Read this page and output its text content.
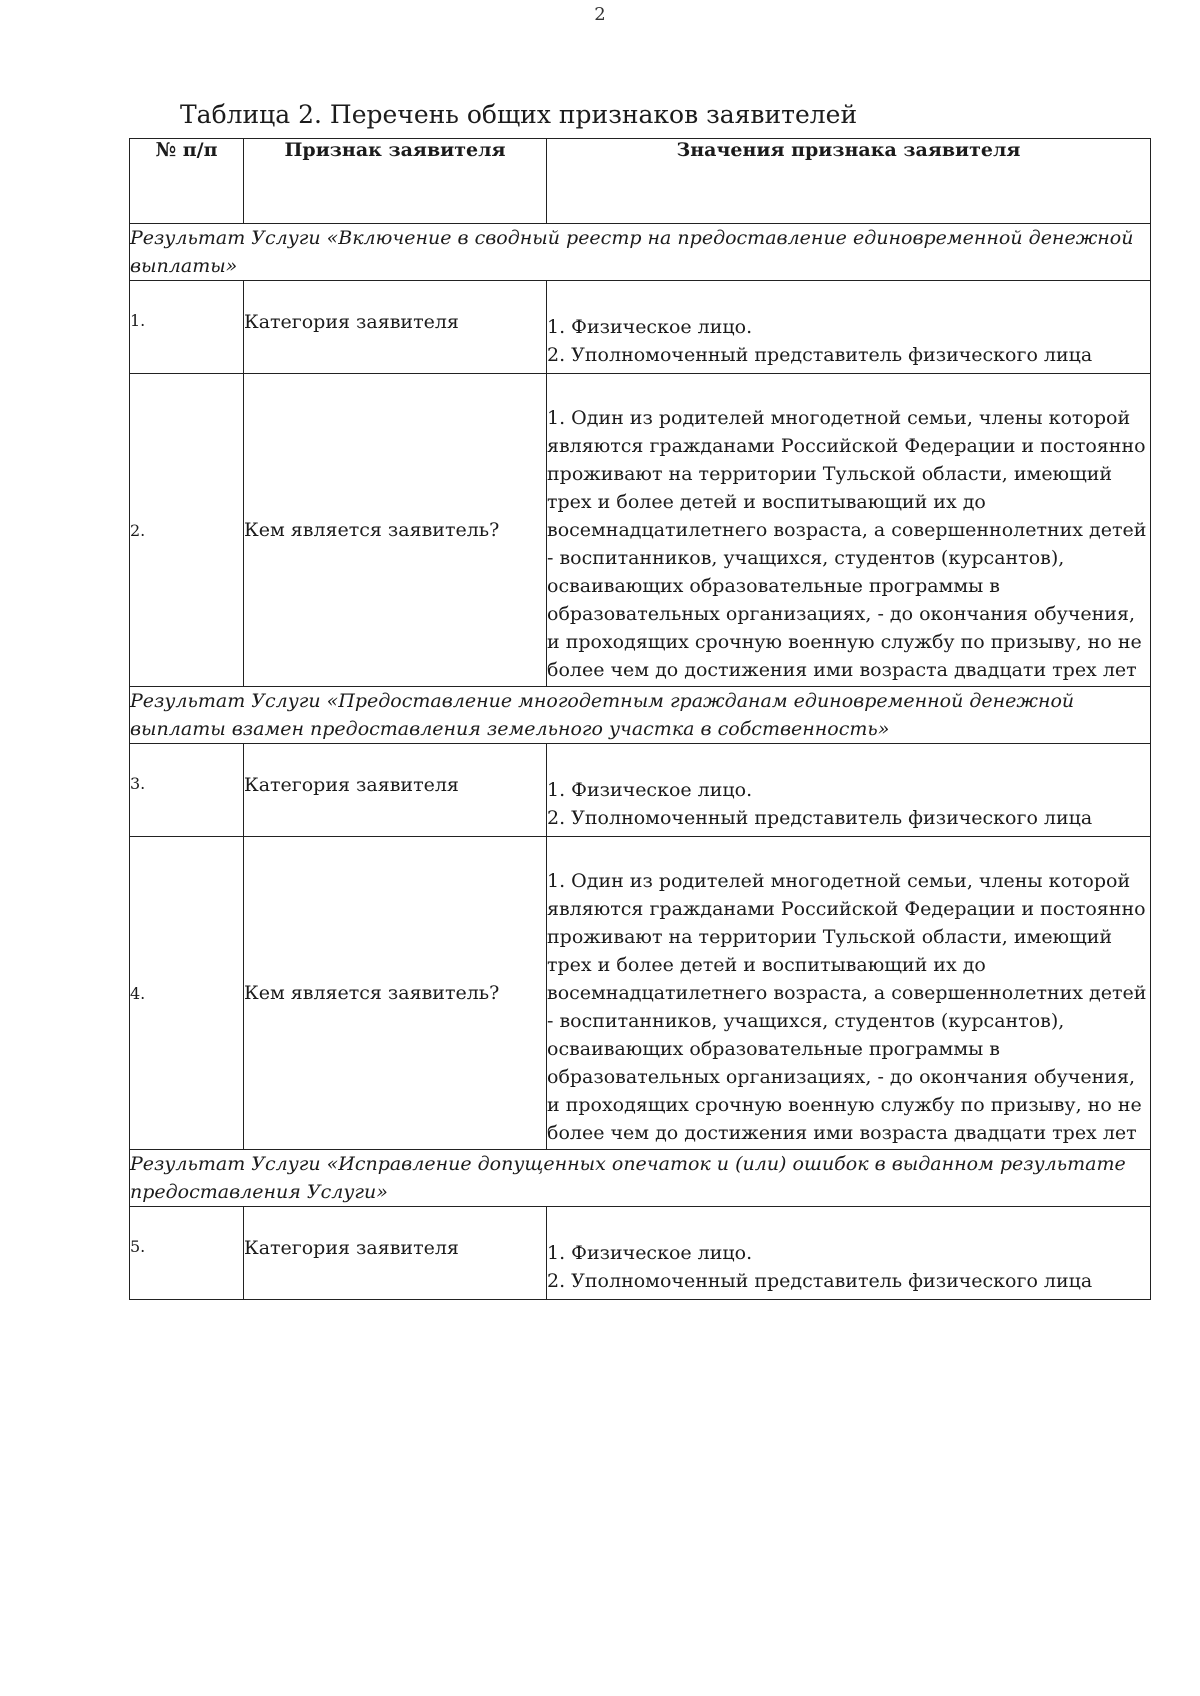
2
Таблица 2. Перечень общих признаков заявителей
№ п/п	Признак заявителя	Значения признака заявителя
Результат Услуги «Включение в сводный реестр на предоставление единовременной денежной выплаты»		
1.	Категория заявителя	1. Физическое лицо.
2. Уполномоченный представитель физического лица

2.	Кем является заявитель?	1. Один из родителей многодетной семьи, члены которой являются гражданами Российской Федерации и постоянно проживают на территории Тульской области, имеющий трех и более детей и воспитывающий их до восемнадцатилетнего возраста, а совершеннолетних детей - воспитанников, учащихся, студентов (курсантов), осваивающих образовательные программы в образовательных организациях, - до окончания обучения, и проходящих срочную военную службу по призыву, но не более чем до достижения ими возраста двадцати трех лет

Результат Услуги «Предоставление многодетным гражданам единовременной денежной выплаты взамен предоставления земельного участка в собственность»		
3.	Категория заявителя	1. Физическое лицо.
2. Уполномоченный представитель физического лица

4.	Кем является заявитель?	1. Один из родителей многодетной семьи, члены которой являются гражданами Российской Федерации и постоянно проживают на территории Тульской области, имеющий трех и более детей и воспитывающий их до восемнадцатилетнего возраста, а совершеннолетних детей - воспитанников, учащихся, студентов (курсантов), осваивающих образовательные программы в образовательных организациях, - до окончания обучения, и проходящих срочную военную службу по призыву, но не более чем до достижения ими возраста двадцати трех лет

Результат Услуги «Исправление допущенных опечаток и (или) ошибок в выданном результате предоставления Услуги»		
5.	Категория заявителя	1. Физическое лицо.
2. Уполномоченный представитель физического лица
